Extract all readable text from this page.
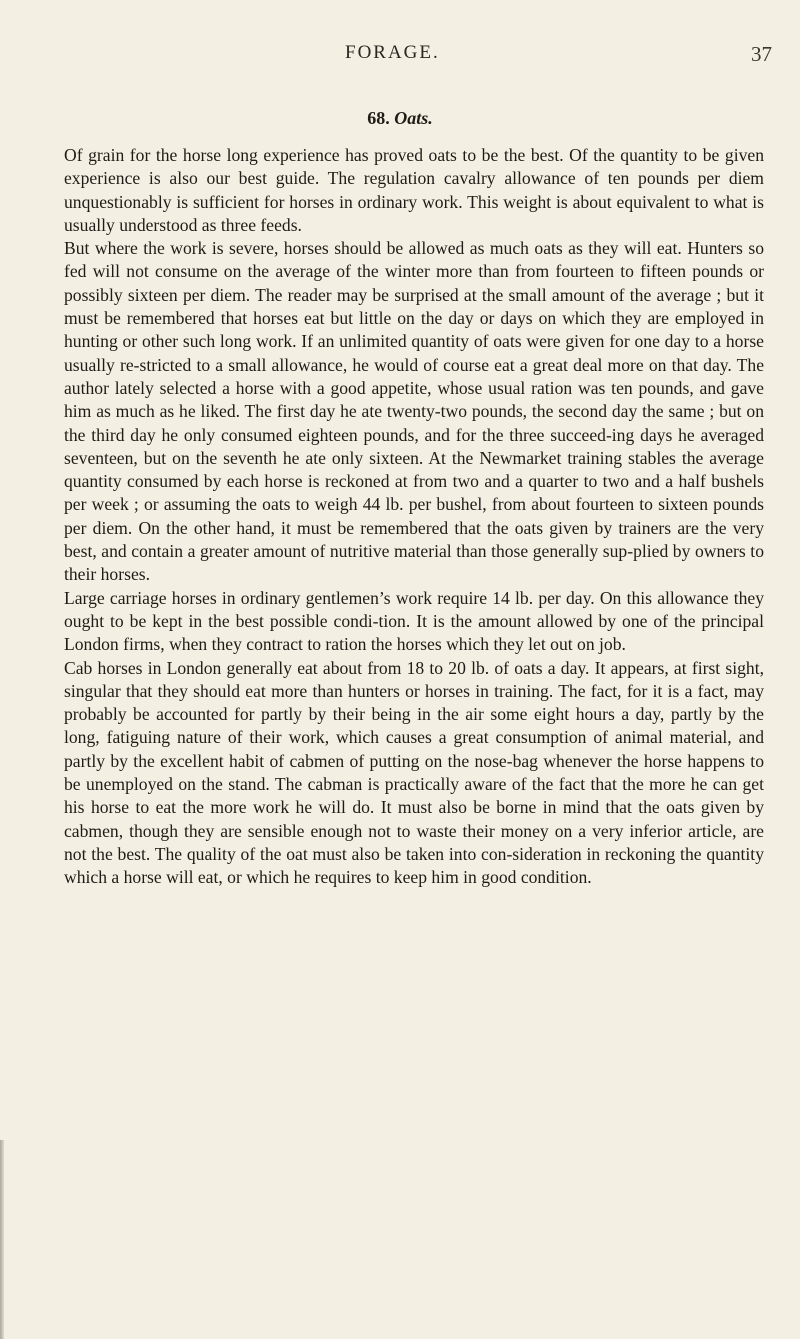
FORAGE.	37
68. Oats.

Of grain for the horse long experience has proved oats to be the best. Of the quantity to be given experience is also our best guide. The regulation cavalry allowance of ten pounds per diem unquestionably is sufficient for horses in ordinary work. This weight is about equivalent to what is usually understood as three feeds.

But where the work is severe, horses should be allowed as much oats as they will eat. Hunters so fed will not consume on the average of the winter more than from fourteen to fifteen pounds or possibly sixteen per diem. The reader may be surprised at the small amount of the average ; but it must be remembered that horses eat but little on the day or days on which they are employed in hunting or other such long work. If an unlimited quantity of oats were given for one day to a horse usually re-stricted to a small allowance, he would of course eat a great deal more on that day. The author lately selected a horse with a good appetite, whose usual ration was ten pounds, and gave him as much as he liked. The first day he ate twenty-two pounds, the second day the same ; but on the third day he only consumed eighteen pounds, and for the three succeed-ing days he averaged seventeen, but on the seventh he ate only sixteen. At the Newmarket training stables the average quantity consumed by each horse is reckoned at from two and a quarter to two and a half bushels per week ; or assuming the oats to weigh 44 lb. per bushel, from about fourteen to sixteen pounds per diem. On the other hand, it must be remembered that the oats given by trainers are the very best, and contain a greater amount of nutritive material than those generally sup-plied by owners to their horses.

Large carriage horses in ordinary gentlemen’s work require 14 lb. per day. On this allowance they ought to be kept in the best possible condi-tion. It is the amount allowed by one of the principal London firms, when they contract to ration the horses which they let out on job.

Cab horses in London generally eat about from 18 to 20 lb. of oats a day. It appears, at first sight, singular that they should eat more than hunters or horses in training. The fact, for it is a fact, may probably be accounted for partly by their being in the air some eight hours a day, partly by the long, fatiguing nature of their work, which causes a great consumption of animal material, and partly by the excellent habit of cabmen of putting on the nose-bag whenever the horse happens to be unemployed on the stand. The cabman is practically aware of the fact that the more he can get his horse to eat the more work he will do. It must also be borne in mind that the oats given by cabmen, though they are sensible enough not to waste their money on a very inferior article, are not the best. The quality of the oat must also be taken into con-sideration in reckoning the quantity which a horse will eat, or which he requires to keep him in good condition.
